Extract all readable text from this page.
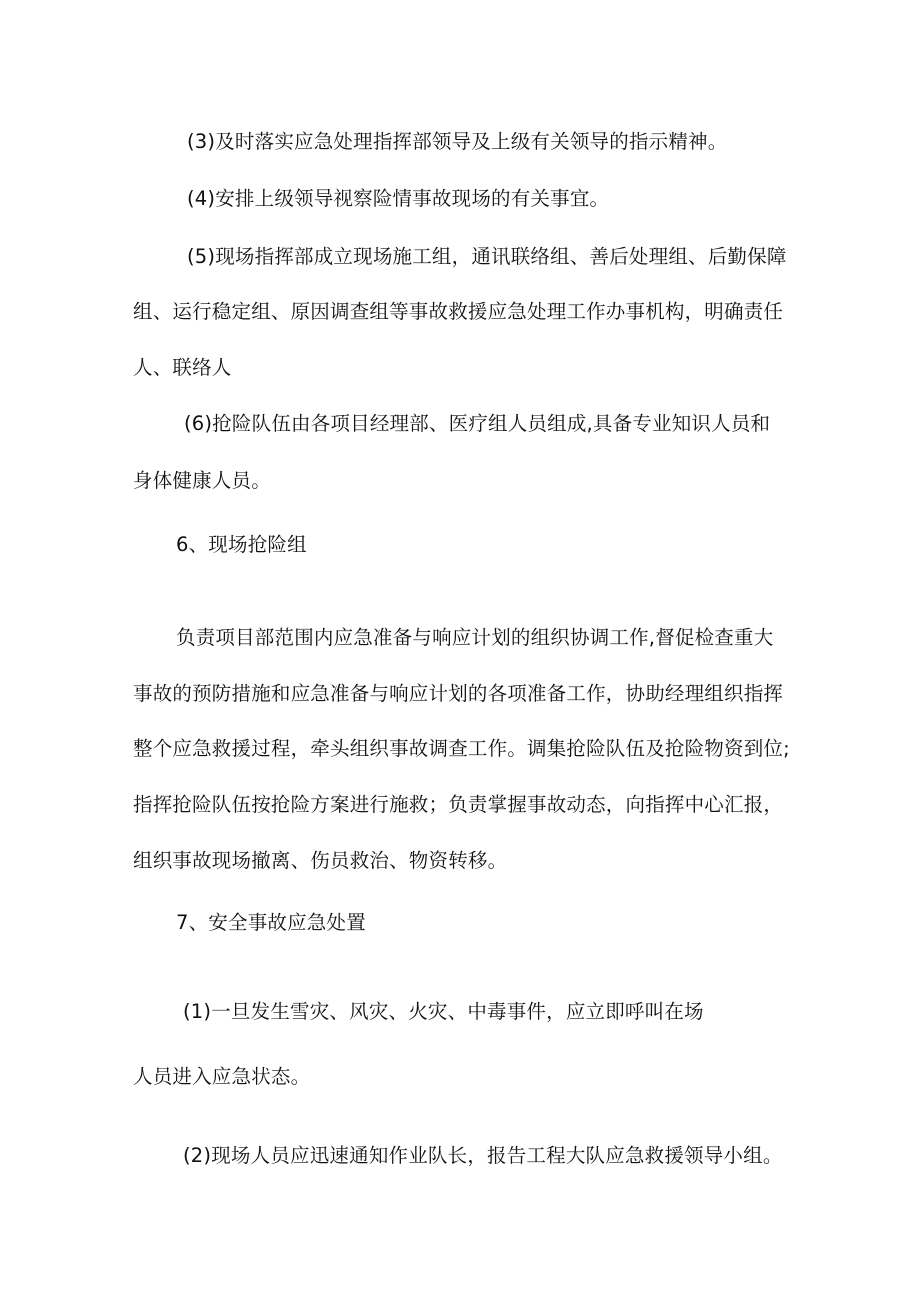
(3)及时落实应急处理指挥部领导及上级有关领导的指示精神。
(4)安排上级领导视察险情事故现场的有关事宜。
(5)现场指挥部成立现场施工组，通讯联络组、善后处理组、后勤保障
组、运行稳定组、原因调查组等事故救援应急处理工作办事机构，明确责任
人、联络人
(6)抢险队伍由各项目经理部、医疗组人员组成,具备专业知识人员和
身体健康人员。
6、现场抢险组
负责项目部范围内应急准备与响应计划的组织协调工作,督促检查重大
事故的预防措施和应急准备与响应计划的各项准备工作，协助经理组织指挥
整个应急救援过程，牵头组织事故调查工作。调集抢险队伍及抢险物资到位;
指挥抢险队伍按抢险方案进行施救；负责掌握事故动态，向指挥中心汇报，
组织事故现场撤离、伤员救治、物资转移。
7、安全事故应急处置
(1)一旦发生雪灾、风灾、火灾、中毒事件，应立即呼叫在场
人员进入应急状态。
(2)现场人员应迅速通知作业队长，报告工程大队应急救援领导小组。
